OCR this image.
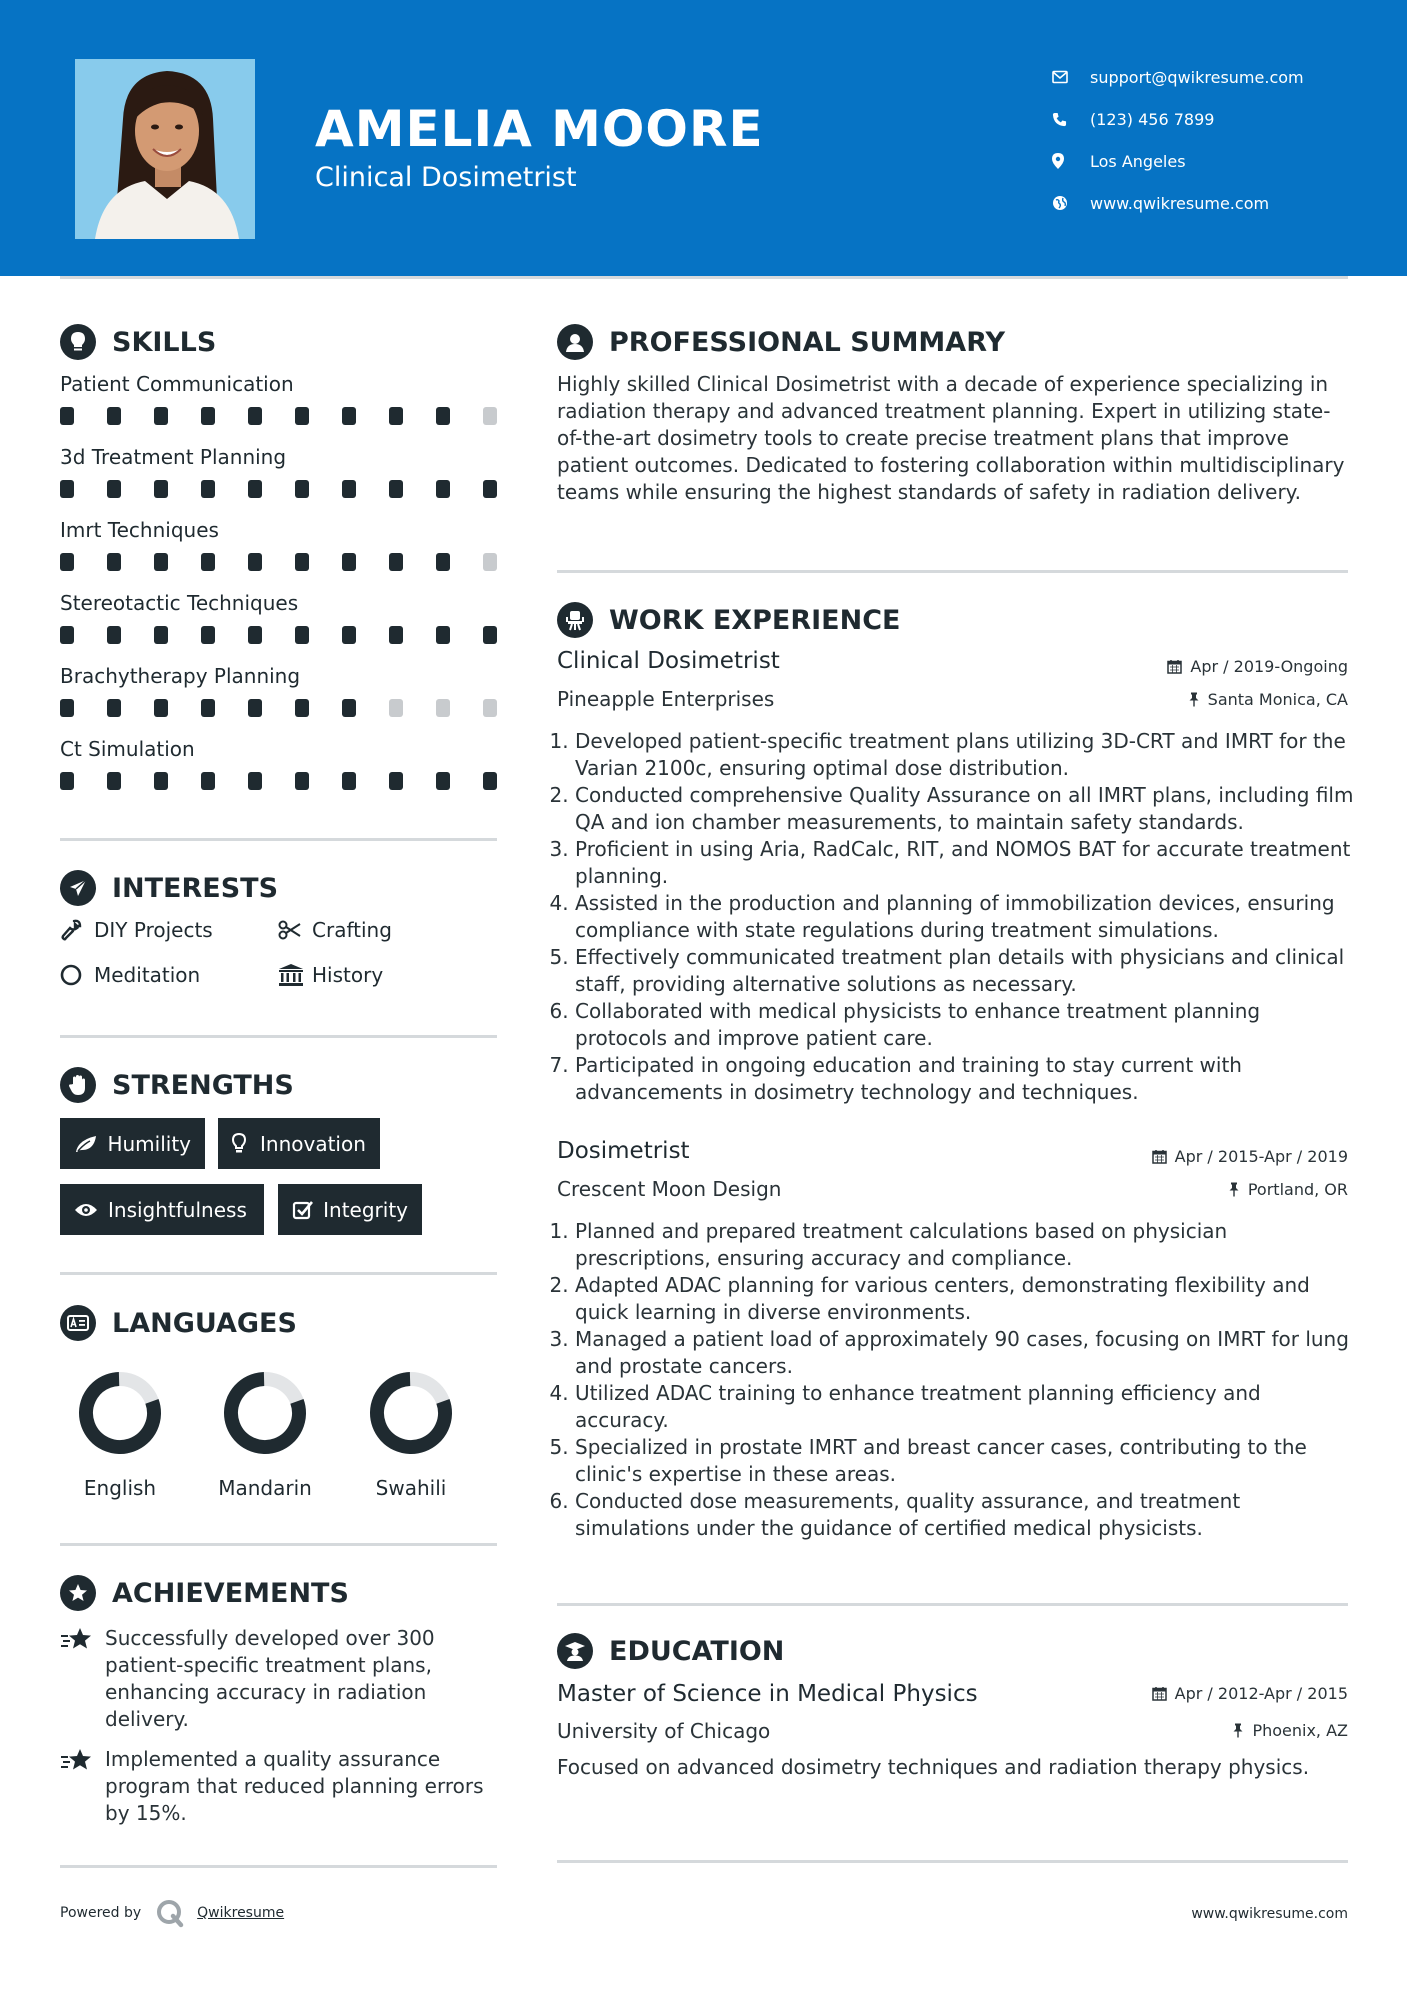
AMELIA MOORE
Clinical Dosimetrist
support@qwikresume.com
(123) 456 7899
Los Angeles
www.qwikresume.com
SKILLS
Patient Communication
3d Treatment Planning
Imrt Techniques
Stereotactic Techniques
Brachytherapy Planning
Ct Simulation
INTERESTS
DIY Projects	Crafting
Meditation	History
STRENGTHS
Humility	Innovation
Insightfulness	Integrity
LANGUAGES
English	Mandarin	Swahili
ACHIEVEMENTS
Successfully developed over 300 patient-specific treatment plans, enhancing accuracy in radiation delivery.
Implemented a quality assurance program that reduced planning errors by 15%.
PROFESSIONAL SUMMARY
Highly skilled Clinical Dosimetrist with a decade of experience specializing in radiation therapy and advanced treatment planning. Expert in utilizing state-of-the-art dosimetry tools to create precise treatment plans that improve patient outcomes. Dedicated to fostering collaboration within multidisciplinary teams while ensuring the highest standards of safety in radiation delivery.
WORK EXPERIENCE
Clinical Dosimetrist	Apr / 2019-Ongoing
Pineapple Enterprises	Santa Monica, CA
1. Developed patient-specific treatment plans utilizing 3D-CRT and IMRT for the Varian 2100c, ensuring optimal dose distribution.
2. Conducted comprehensive Quality Assurance on all IMRT plans, including film QA and ion chamber measurements, to maintain safety standards.
3. Proficient in using Aria, RadCalc, RIT, and NOMOS BAT for accurate treatment planning.
4. Assisted in the production and planning of immobilization devices, ensuring compliance with state regulations during treatment simulations.
5. Effectively communicated treatment plan details with physicians and clinical staff, providing alternative solutions as necessary.
6. Collaborated with medical physicists to enhance treatment planning protocols and improve patient care.
7. Participated in ongoing education and training to stay current with advancements in dosimetry technology and techniques.
Dosimetrist	Apr / 2015-Apr / 2019
Crescent Moon Design	Portland, OR
1. Planned and prepared treatment calculations based on physician prescriptions, ensuring accuracy and compliance.
2. Adapted ADAC planning for various centers, demonstrating flexibility and quick learning in diverse environments.
3. Managed a patient load of approximately 90 cases, focusing on IMRT for lung and prostate cancers.
4. Utilized ADAC training to enhance treatment planning efficiency and accuracy.
5. Specialized in prostate IMRT and breast cancer cases, contributing to the clinic's expertise in these areas.
6. Conducted dose measurements, quality assurance, and treatment simulations under the guidance of certified medical physicists.
EDUCATION
Master of Science in Medical Physics	Apr / 2012-Apr / 2015
University of Chicago	Phoenix, AZ
Focused on advanced dosimetry techniques and radiation therapy physics.
Powered by	Qwikresume	www.qwikresume.com
